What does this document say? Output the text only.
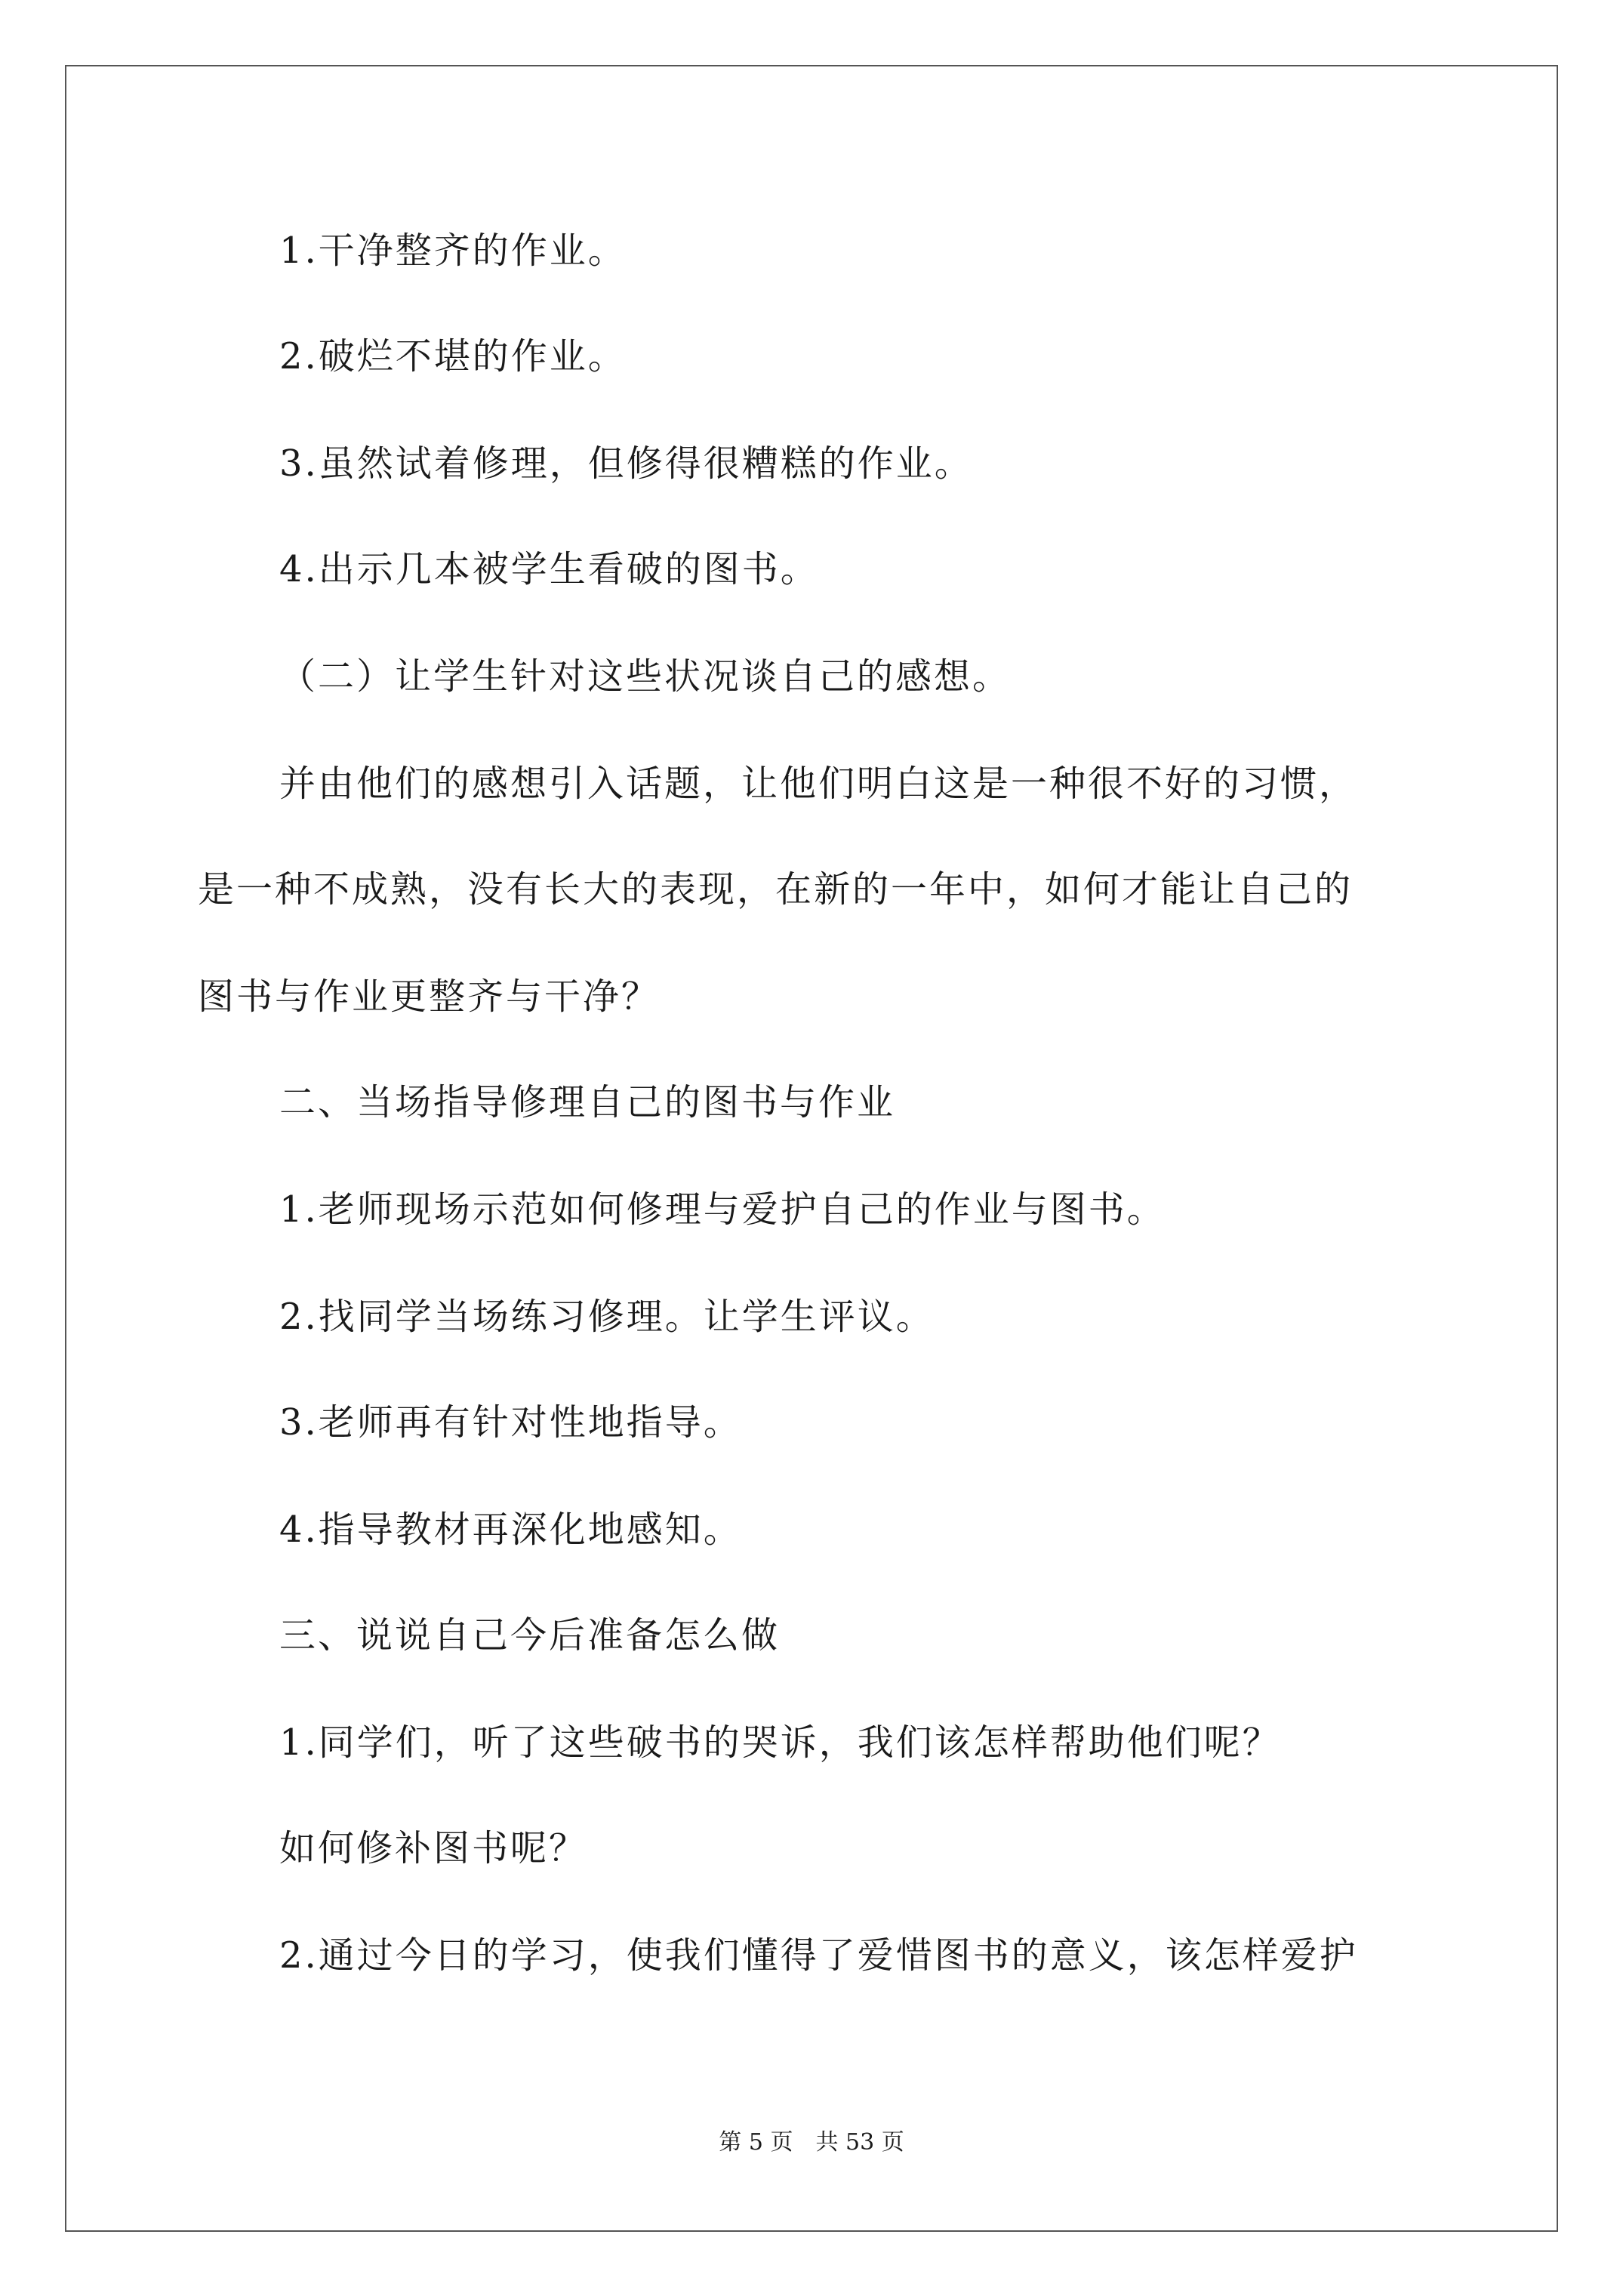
1.干净整齐的作业。
2.破烂不堪的作业。
3.虽然试着修理，但修得很糟糕的作业。
4.出示几本被学生看破的图书。
（二）让学生针对这些状况谈自己的感想。
并由他们的感想引入话题，让他们明白这是一种很不好的习惯，
是一种不成熟，没有长大的表现，在新的一年中，如何才能让自己的
图书与作业更整齐与干净？
二、当场指导修理自己的图书与作业
1.老师现场示范如何修理与爱护自己的作业与图书。
2.找同学当场练习修理。让学生评议。
3.老师再有针对性地指导。
4.指导教材再深化地感知。
三、说说自己今后准备怎么做
1.同学们，听了这些破书的哭诉，我们该怎样帮助他们呢？
如何修补图书呢？
2.通过今日的学习，使我们懂得了爱惜图书的意义，该怎样爱护
第 5 页　共 53 页
